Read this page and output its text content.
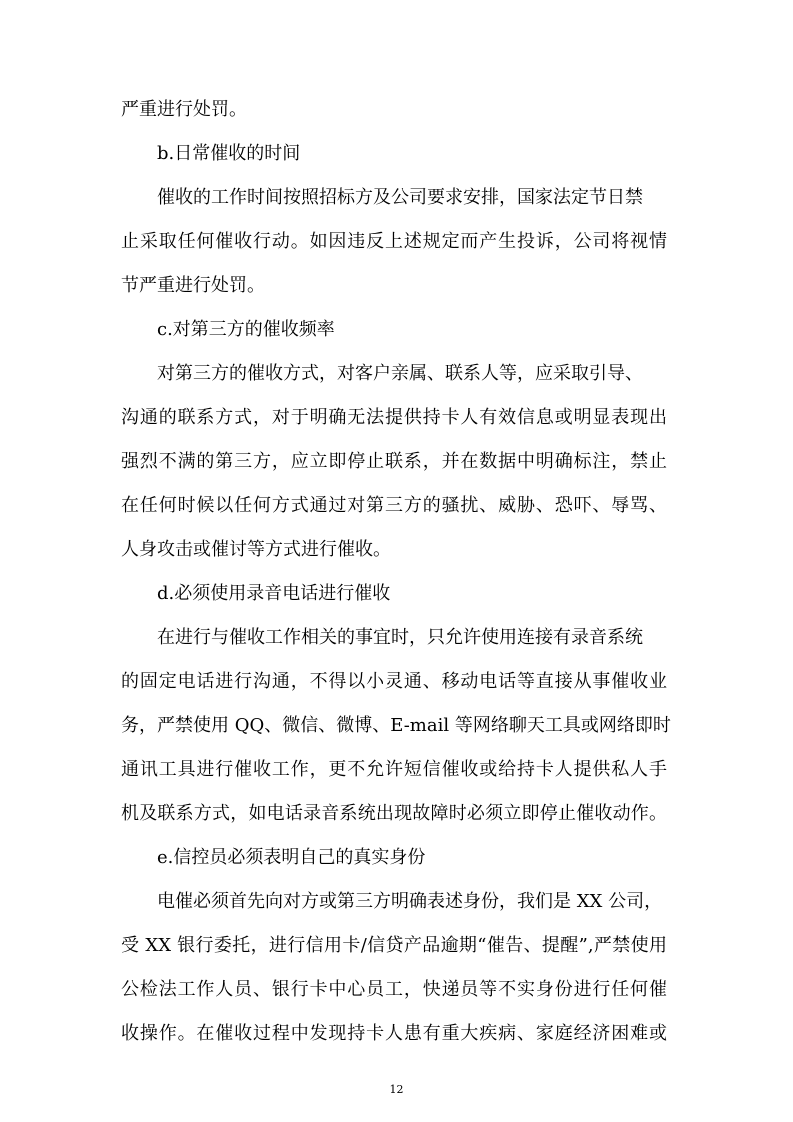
严重进行处罚。
b.日常催收的时间
催收的工作时间按照招标方及公司要求安排，国家法定节日禁
止采取任何催收行动。如因违反上述规定而产生投诉，公司将视情
节严重进行处罚。
c.对第三方的催收频率
对第三方的催收方式，对客户亲属、联系人等，应采取引导、
沟通的联系方式，对于明确无法提供持卡人有效信息或明显表现出
强烈不满的第三方，应立即停止联系，并在数据中明确标注，禁止
在任何时候以任何方式通过对第三方的骚扰、威胁、恐吓、辱骂、
人身攻击或催讨等方式进行催收。
d.必须使用录音电话进行催收
在进行与催收工作相关的事宜时，只允许使用连接有录音系统
的固定电话进行沟通，不得以小灵通、移动电话等直接从事催收业
务，严禁使用 QQ、微信、微博、E-mail 等网络聊天工具或网络即时
通讯工具进行催收工作，更不允许短信催收或给持卡人提供私人手
机及联系方式，如电话录音系统出现故障时必须立即停止催收动作。
e.信控员必须表明自己的真实身份
电催必须首先向对方或第三方明确表述身份，我们是 XX 公司，
受 XX 银行委托，进行信用卡/信贷产品逾期“催告、提醒”,严禁使用
公检法工作人员、银行卡中心员工，快递员等不实身份进行任何催
收操作。在催收过程中发现持卡人患有重大疾病、家庭经济困难或
12
